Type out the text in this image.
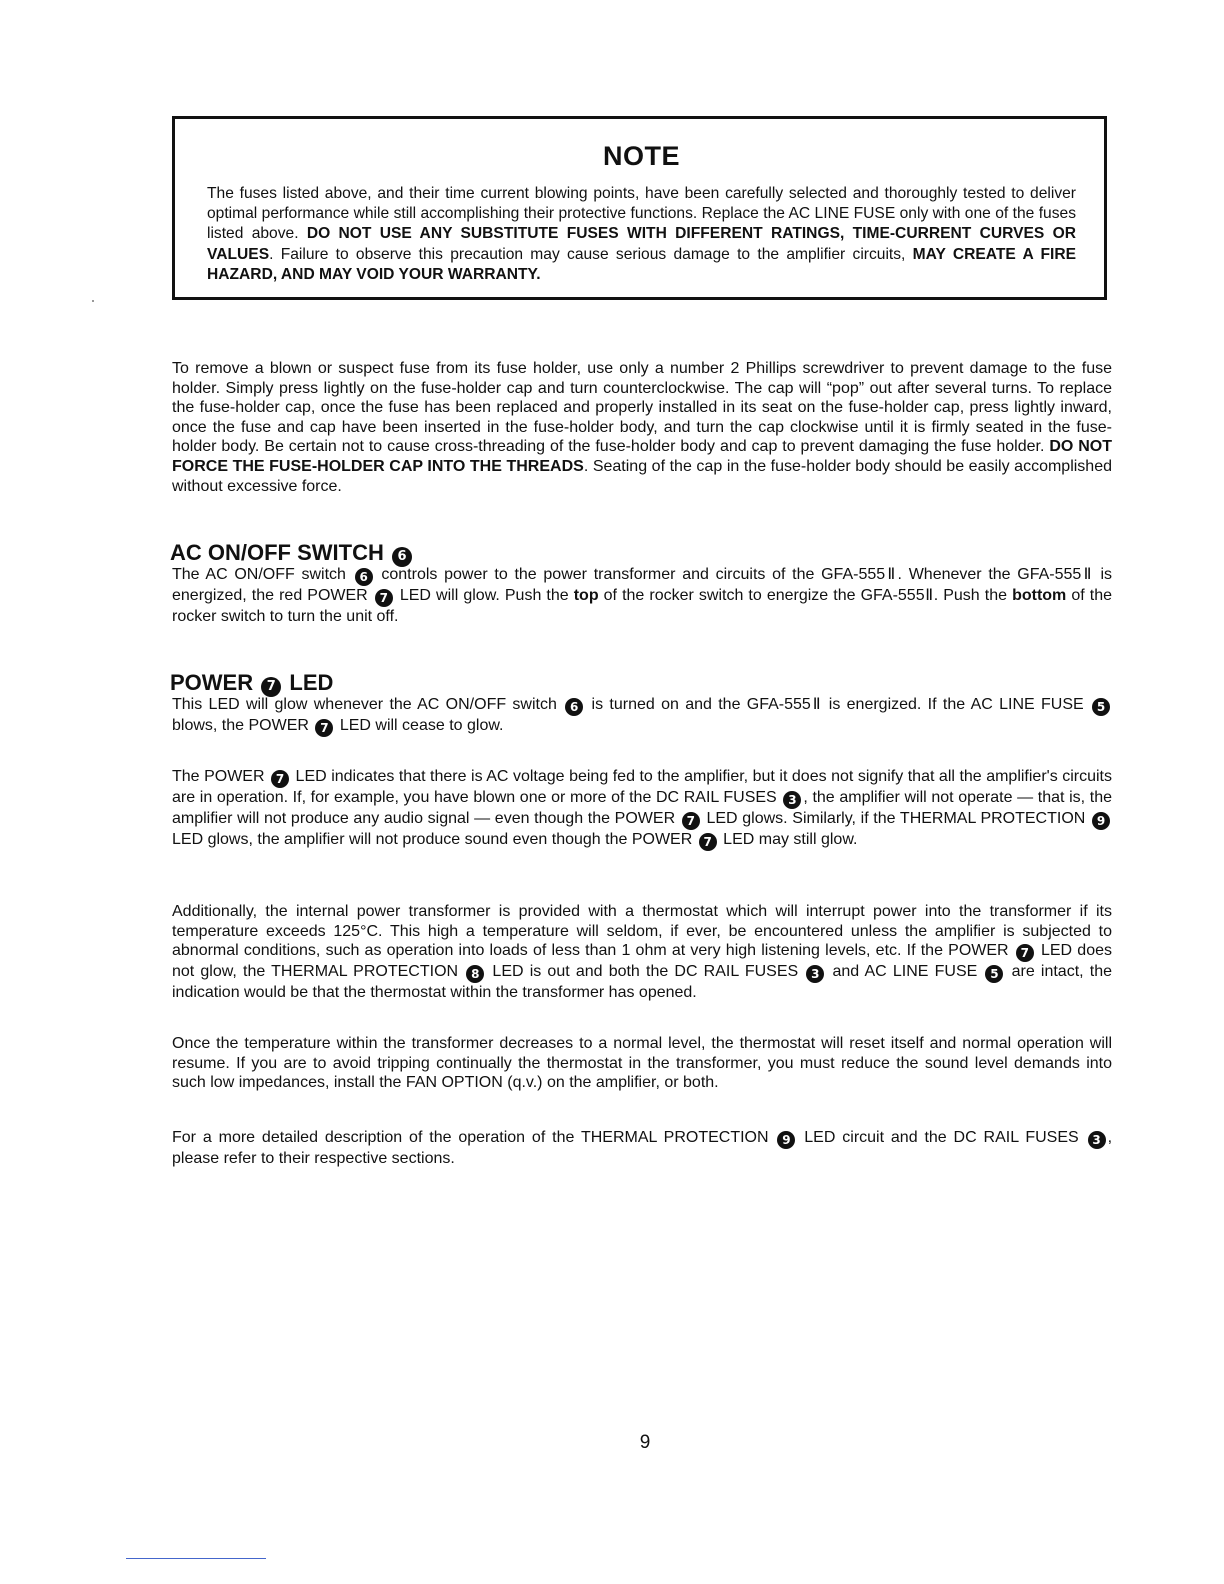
NOTE

The fuses listed above, and their time current blowing points, have been carefully selected and thoroughly tested to deliver optimal performance while still accomplishing their protective functions. Replace the AC LINE FUSE only with one of the fuses listed above. DO NOT USE ANY SUBSTITUTE FUSES WITH DIFFERENT RATINGS, TIME-CURRENT CURVES OR VALUES. Failure to observe this precaution may cause serious damage to the amplifier circuits, MAY CREATE A FIRE HAZARD, AND MAY VOID YOUR WARRANTY.

To remove a blown or suspect fuse from its fuse holder, use only a number 2 Phillips screwdriver to prevent damage to the fuse holder. Simply press lightly on the fuse-holder cap and turn counterclockwise. The cap will “pop” out after several turns. To replace the fuse-holder cap, once the fuse has been replaced and properly installed in its seat on the fuse-holder cap, press lightly inward, once the fuse and cap have been inserted in the fuse-holder body, and turn the cap clockwise until it is firmly seated in the fuse-holder body. Be certain not to cause cross-threading of the fuse-holder body and cap to prevent damaging the fuse holder. DO NOT FORCE THE FUSE-HOLDER CAP INTO THE THREADS. Seating of the cap in the fuse-holder body should be easily accomplished without excessive force.

AC ON/OFF SWITCH 6

The AC ON/OFF switch 6 controls power to the power transformer and circuits of the GFA-555Ⅱ. Whenever the GFA-555Ⅱ is energized, the red POWER 7 LED will glow. Push the top of the rocker switch to energize the GFA-555Ⅱ. Push the bottom of the rocker switch to turn the unit off.

POWER 7 LED

This LED will glow whenever the AC ON/OFF switch 6 is turned on and the GFA-555Ⅱ is energized. If the AC LINE FUSE 5 blows, the POWER 7 LED will cease to glow.

The POWER 7 LED indicates that there is AC voltage being fed to the amplifier, but it does not signify that all the amplifier's circuits are in operation. If, for example, you have blown one or more of the DC RAIL FUSES 3 , the amplifier will not operate — that is, the amplifier will not produce any audio signal — even though the POWER 7 LED glows. Similarly, if the THERMAL PROTECTION 9 LED glows, the amplifier will not produce sound even though the POWER 7 LED may still glow.

Additionally, the internal power transformer is provided with a thermostat which will interrupt power into the transformer if its temperature exceeds 125°C. This high a temperature will seldom, if ever, be encountered unless the amplifier is subjected to abnormal conditions, such as operation into loads of less than 1 ohm at very high listening levels, etc. If the POWER 7 LED does not glow, the THERMAL PROTECTION 8 LED is out and both the DC RAIL FUSES 3 and AC LINE FUSE 5 are intact, the indication would be that the thermostat within the transformer has opened.

Once the temperature within the transformer decreases to a normal level, the thermostat will reset itself and normal operation will resume. If you are to avoid tripping continually the thermostat in the transformer, you must reduce the sound level demands into such low impedances, install the FAN OPTION (q.v.) on the amplifier, or both.

For a more detailed description of the operation of the THERMAL PROTECTION 9 LED circuit and the DC RAIL FUSES 3 , please refer to their respective sections.

9
